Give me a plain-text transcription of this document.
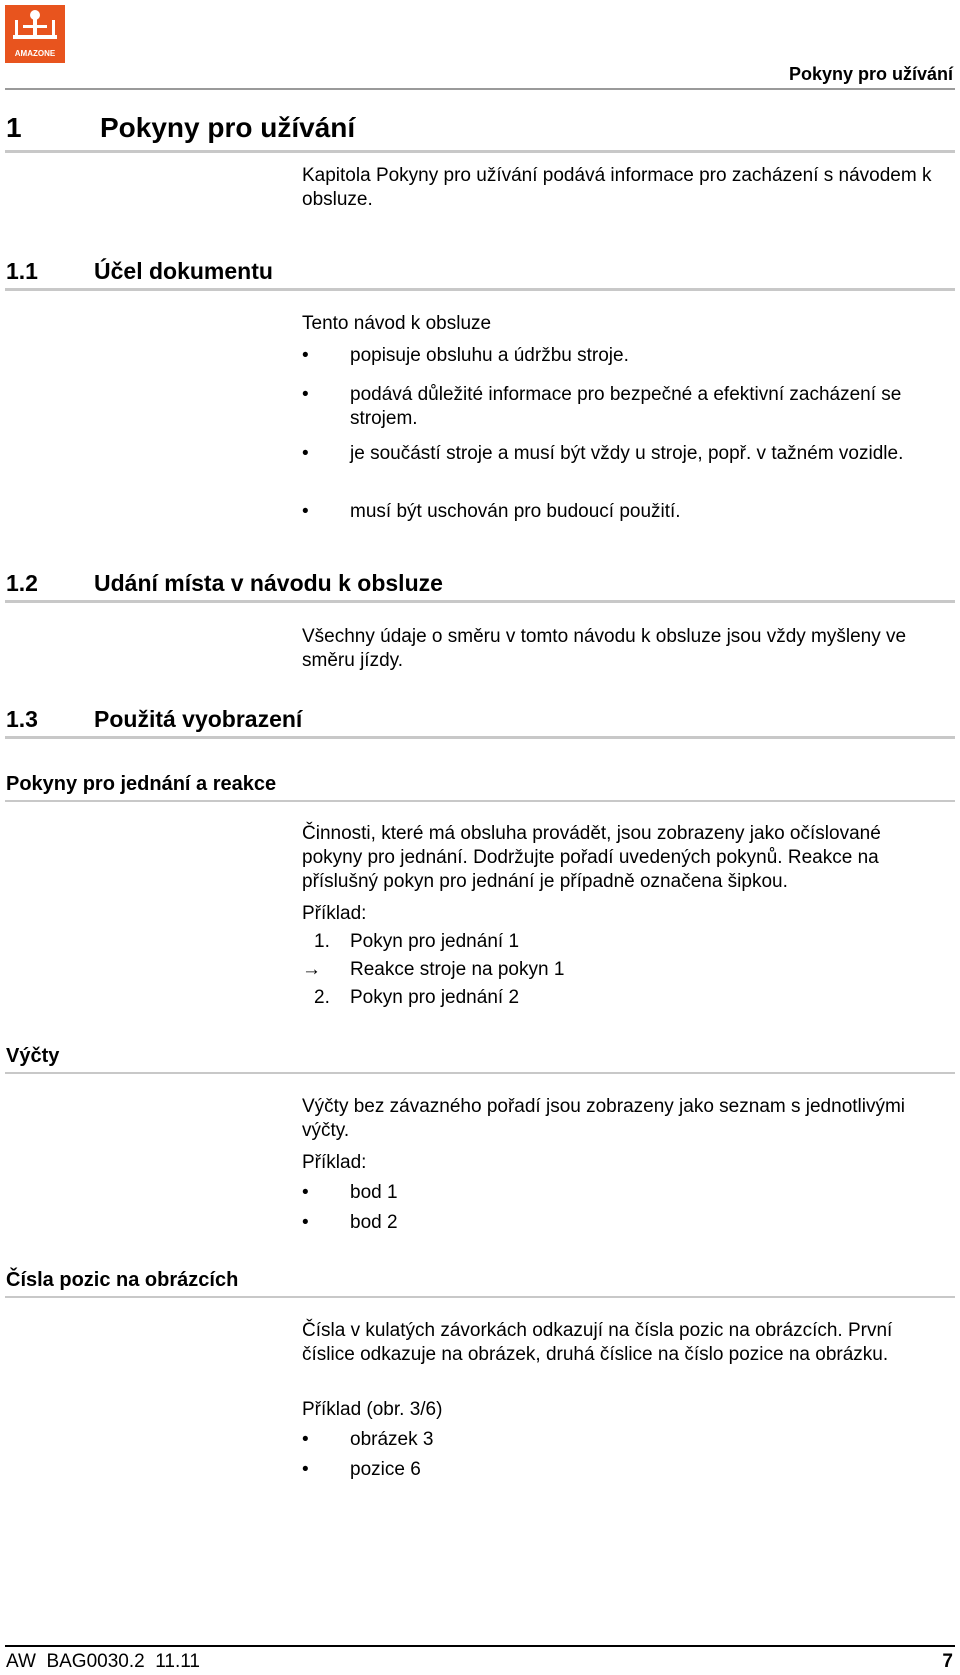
AMAZONE
Pokyny pro užívání
1	Pokyny pro užívání
Kapitola Pokyny pro užívání podává informace pro zacházení s návodem k obsluze.
1.1 Účel dokumentu
Tento návod k obsluze
•	popisuje obsluhu a údržbu stroje.
•	podává důležité informace pro bezpečné a efektivní zacházení se strojem.
•	je součástí stroje a musí být vždy u stroje, popř. v tažném vozidle.
•	musí být uschován pro budoucí použití.
1.2 Udání místa v návodu k obsluze
Všechny údaje o směru v tomto návodu k obsluze jsou vždy myšleny ve směru jízdy.
1.3 Použitá vyobrazení
Pokyny pro jednání a reakce
Činnosti, které má obsluha provádět, jsou zobrazeny jako očíslované pokyny pro jednání. Dodržujte pořadí uvedených pokynů. Reakce na příslušný pokyn pro jednání je případně označena šipkou.
Příklad:
1. Pokyn pro jednání 1
→ Reakce stroje na pokyn 1
2. Pokyn pro jednání 2
Výčty
Výčty bez závazného pořadí jsou zobrazeny jako seznam s jednotlivými výčty.
Příklad:
•	bod 1
•	bod 2
Čísla pozic na obrázcích
Čísla v kulatých závorkách odkazují na čísla pozic na obrázcích. První číslice odkazuje na obrázek, druhá číslice na číslo pozice na obrázku.
Příklad (obr. 3/6)
•	obrázek 3
•	pozice 6
AW  BAG0030.2  11.11	7
